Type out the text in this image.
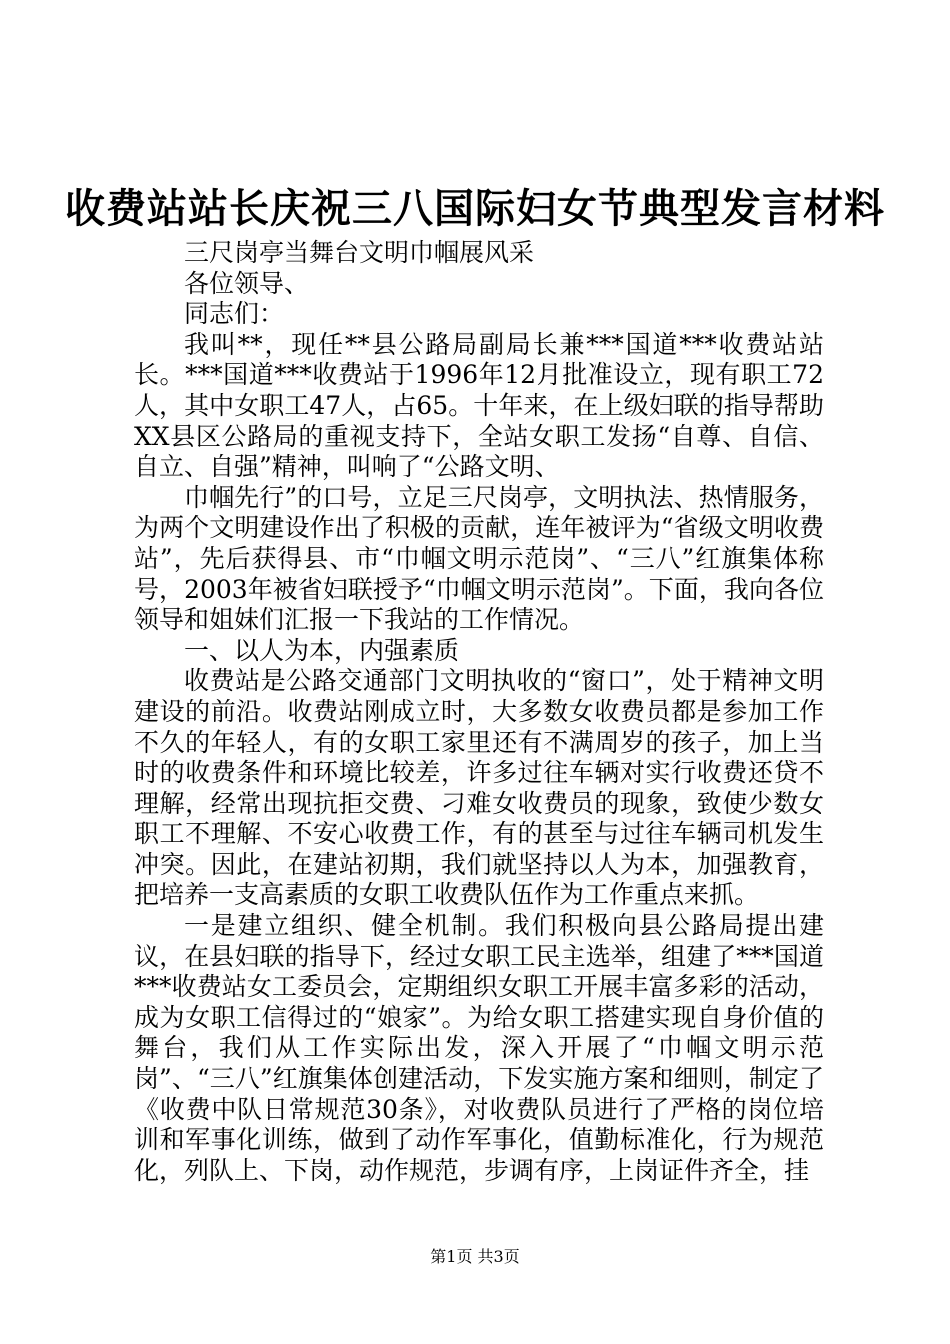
收费站站长庆祝三八国际妇女节典型发言材料

三尺岗亭当舞台文明巾帼展风采

各位领导、

同志们：

我叫**，现任**县公路局副局长兼***国道***收费站站长。***国道***收费站于1996年12月批准设立，现有职工72人，其中女职工47人，占65。十年来，在上级妇联的指导帮助XX县区公路局的重视支持下，全站女职工发扬“自尊、自信、自立、自强”精神，叫响了“公路文明、

巾帼先行”的口号，立足三尺岗亭，文明执法、热情服务，为两个文明建设作出了积极的贡献，连年被评为“省级文明收费站”，先后获得县、市“巾帼文明示范岗”、“三八”红旗集体称号，2003年被省妇联授予“巾帼文明示范岗”。下面，我向各位领导和姐妹们汇报一下我站的工作情况。

一、以人为本，内强素质

收费站是公路交通部门文明执收的“窗口”，处于精神文明建设的前沿。收费站刚成立时，大多数女收费员都是参加工作不久的年轻人，有的女职工家里还有不满周岁的孩子，加上当时的收费条件和环境比较差，许多过往车辆对实行收费还贷不理解，经常出现抗拒交费、刁难女收费员的现象，致使少数女职工不理解、不安心收费工作，有的甚至与过往车辆司机发生冲突。因此，在建站初期，我们就坚持以人为本，加强教育，把培养一支高素质的女职工收费队伍作为工作重点来抓。

一是建立组织、健全机制。我们积极向县公路局提出建议，在县妇联的指导下，经过女职工民主选举，组建了***国道***收费站女工委员会，定期组织女职工开展丰富多彩的活动，成为女职工信得过的“娘家”。为给女职工搭建实现自身价值的舞台，我们从工作实际出发，深入开展了“巾帼文明示范岗”、“三八”红旗集体创建活动，下发实施方案和细则，制定了《收费中队日常规范30条》，对收费队员进行了严格的岗位培训和军事化训练，做到了动作军事化，值勤标准化，行为规范化，列队上、下岗，动作规范，步调有序，上岗证件齐全，挂

第1页 共3页
